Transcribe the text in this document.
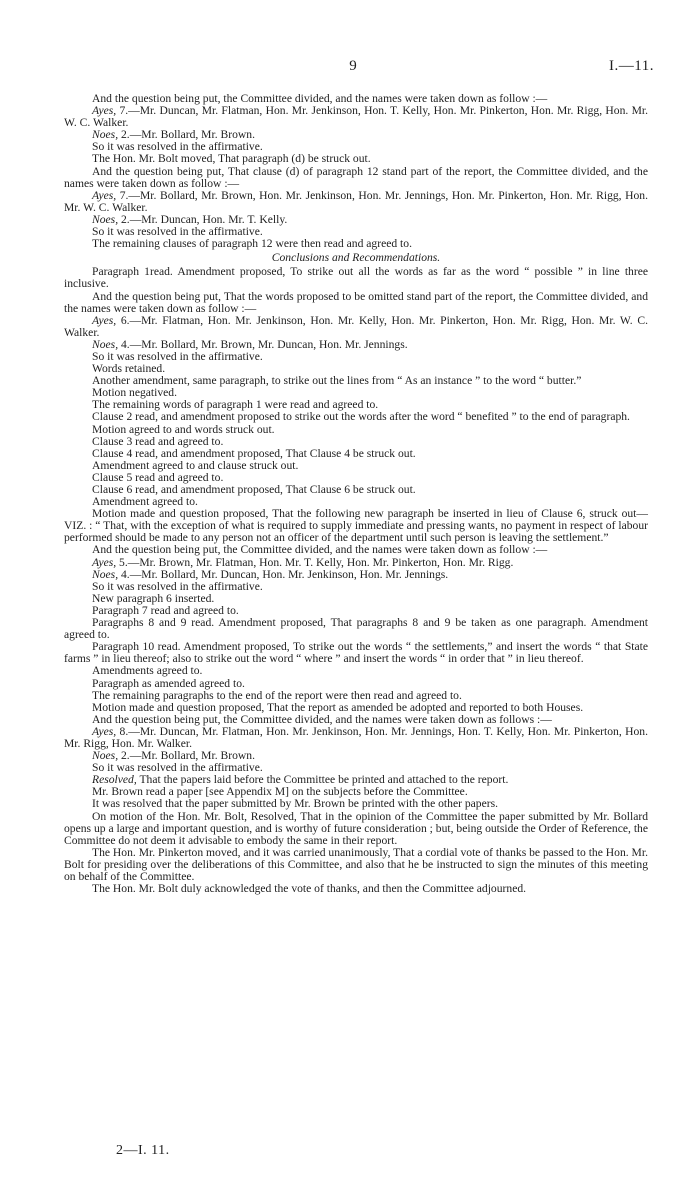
9	I.—11.

And the question being put, the Committee divided, and the names were taken down as follow :—

Ayes, 7.—Mr. Duncan, Mr. Flatman, Hon. Mr. Jenkinson, Hon. T. Kelly, Hon. Mr. Pinkerton, Hon. Mr. Rigg, Hon. Mr. W. C. Walker.

Noes, 2.—Mr. Bollard, Mr. Brown.

So it was resolved in the affirmative.

The Hon. Mr. Bolt moved, That paragraph (d) be struck out.

And the question being put, That clause (d) of paragraph 12 stand part of the report, the Committee divided, and the names were taken down as follow :—

Ayes, 7.—Mr. Bollard, Mr. Brown, Hon. Mr. Jenkinson, Hon. Mr. Jennings, Hon. Mr. Pinkerton, Hon. Mr. Rigg, Hon. Mr. W. C. Walker.

Noes, 2.—Mr. Duncan, Hon. Mr. T. Kelly.

So it was resolved in the affirmative.

The remaining clauses of paragraph 12 were then read and agreed to.

Conclusions and Recommendations.

Paragraph 1read. Amendment proposed, To strike out all the words as far as the word “ possible ” in line three inclusive.

And the question being put, That the words proposed to be omitted stand part of the report, the Committee divided, and the names were taken down as follow :—

Ayes, 6.—Mr. Flatman, Hon. Mr. Jenkinson, Hon. Mr. Kelly, Hon. Mr. Pinkerton, Hon. Mr. Rigg, Hon. Mr. W. C. Walker.

Noes, 4.—Mr. Bollard, Mr. Brown, Mr. Duncan, Hon. Mr. Jennings.

So it was resolved in the affirmative.

Words retained.

Another amendment, same paragraph, to strike out the lines from “ As an instance ” to the word “ butter.”

Motion negatived.

The remaining words of paragraph 1 were read and agreed to.

Clause 2 read, and amendment proposed to strike out the words after the word “ benefited ” to the end of paragraph.

Motion agreed to and words struck out.

Clause 3 read and agreed to.

Clause 4 read, and amendment proposed, That Clause 4 be struck out.

Amendment agreed to and clause struck out.

Clause 5 read and agreed to.

Clause 6 read, and amendment proposed, That Clause 6 be struck out.

Amendment agreed to.

Motion made and question proposed, That the following new paragraph be inserted in lieu of Clause 6, struck out—VIZ. : “ That, with the exception of what is required to supply immediate and pressing wants, no payment in respect of labour performed should be made to any person not an officer of the department until such person is leaving the settlement.”

And the question being put, the Committee divided, and the names were taken down as follow :—

Ayes, 5.—Mr. Brown, Mr. Flatman, Hon. Mr. T. Kelly, Hon. Mr. Pinkerton, Hon. Mr. Rigg.

Noes, 4.—Mr. Bollard, Mr. Duncan, Hon. Mr. Jenkinson, Hon. Mr. Jennings.

So it was resolved in the affirmative.

New paragraph 6 inserted.

Paragraph 7 read and agreed to.

Paragraphs 8 and 9 read. Amendment proposed, That paragraphs 8 and 9 be taken as one paragraph. Amendment agreed to.

Paragraph 10 read. Amendment proposed, To strike out the words “ the settlements,” and insert the words “ that State farms ” in lieu thereof; also to strike out the word “ where ” and insert the words “ in order that ” in lieu thereof.

Amendments agreed to.

Paragraph as amended agreed to.

The remaining paragraphs to the end of the report were then read and agreed to.

Motion made and question proposed, That the report as amended be adopted and reported to both Houses.

And the question being put, the Committee divided, and the names were taken down as follows :—

Ayes, 8.—Mr. Duncan, Mr. Flatman, Hon. Mr. Jenkinson, Hon. Mr. Jennings, Hon. T. Kelly, Hon. Mr. Pinkerton, Hon. Mr. Rigg, Hon. Mr. Walker.

Noes, 2.—Mr. Bollard, Mr. Brown.

So it was resolved in the affirmative.

Resolved, That the papers laid before the Committee be printed and attached to the report.

Mr. Brown read a paper [see Appendix M] on the subjects before the Committee.

It was resolved that the paper submitted by Mr. Brown be printed with the other papers.

On motion of the Hon. Mr. Bolt, Resolved, That in the opinion of the Committee the paper submitted by Mr. Bollard opens up a large and important question, and is worthy of future consideration ; but, being outside the Order of Reference, the Committee do not deem it advisable to embody the same in their report.

The Hon. Mr. Pinkerton moved, and it was carried unanimously, That a cordial vote of thanks be passed to the Hon. Mr. Bolt for presiding over the deliberations of this Committee, and also that he be instructed to sign the minutes of this meeting on behalf of the Committee.

The Hon. Mr. Bolt duly acknowledged the vote of thanks, and then the Committee adjourned.

2—I. 11.
